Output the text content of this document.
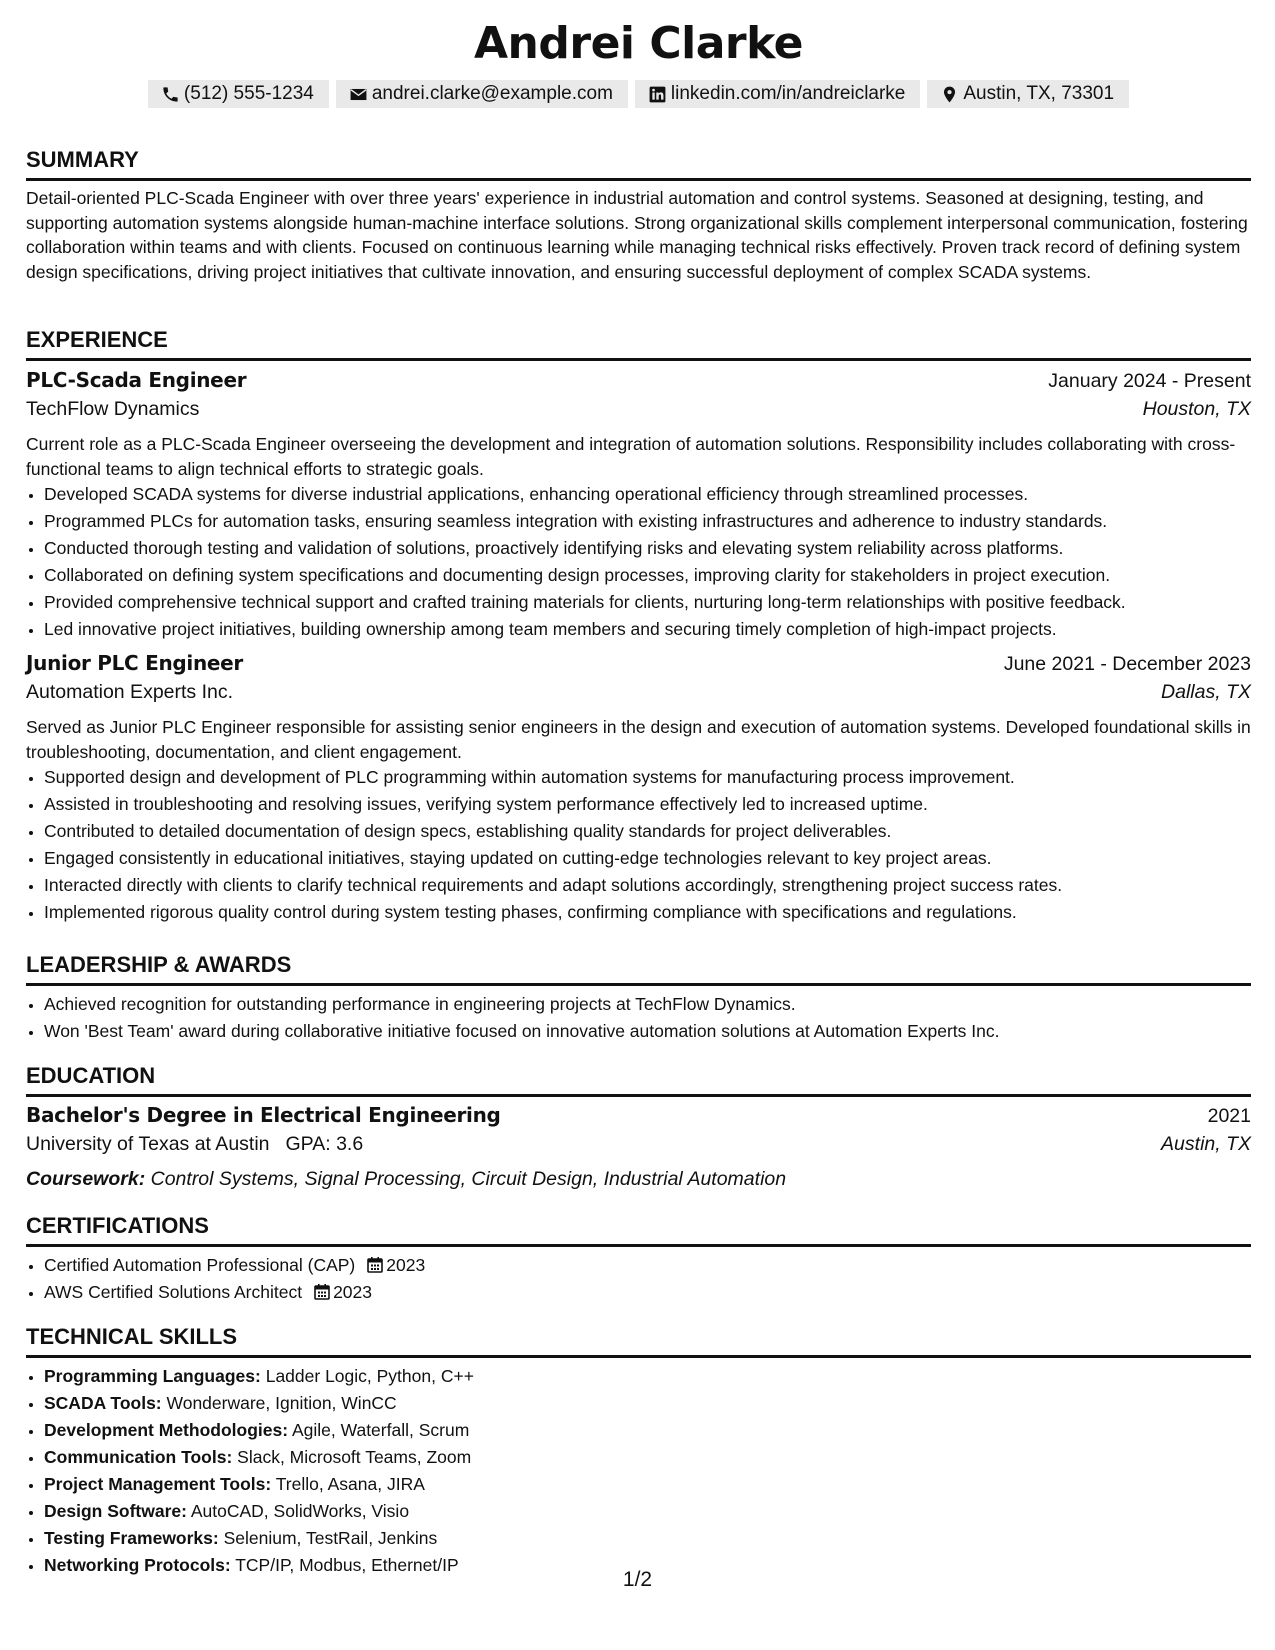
Andrei Clarke
(512) 555-1234	andrei.clarke@example.com	linkedin.com/in/andreiclarke	Austin, TX, 73301
SUMMARY
Detail-oriented PLC-Scada Engineer with over three years' experience in industrial automation and control systems. Seasoned at designing, testing, and supporting automation systems alongside human-machine interface solutions. Strong organizational skills complement interpersonal communication, fostering collaboration within teams and with clients. Focused on continuous learning while managing technical risks effectively. Proven track record of defining system design specifications, driving project initiatives that cultivate innovation, and ensuring successful deployment of complex SCADA systems.
EXPERIENCE
PLC-Scada Engineer	January 2024 - Present
TechFlow Dynamics	Houston, TX
Current role as a PLC-Scada Engineer overseeing the development and integration of automation solutions. Responsibility includes collaborating with cross-functional teams to align technical efforts to strategic goals.
• Developed SCADA systems for diverse industrial applications, enhancing operational efficiency through streamlined processes.
• Programmed PLCs for automation tasks, ensuring seamless integration with existing infrastructures and adherence to industry standards.
• Conducted thorough testing and validation of solutions, proactively identifying risks and elevating system reliability across platforms.
• Collaborated on defining system specifications and documenting design processes, improving clarity for stakeholders in project execution.
• Provided comprehensive technical support and crafted training materials for clients, nurturing long-term relationships with positive feedback.
• Led innovative project initiatives, building ownership among team members and securing timely completion of high-impact projects.
Junior PLC Engineer	June 2021 - December 2023
Automation Experts Inc.	Dallas, TX
Served as Junior PLC Engineer responsible for assisting senior engineers in the design and execution of automation systems. Developed foundational skills in troubleshooting, documentation, and client engagement.
• Supported design and development of PLC programming within automation systems for manufacturing process improvement.
• Assisted in troubleshooting and resolving issues, verifying system performance effectively led to increased uptime.
• Contributed to detailed documentation of design specs, establishing quality standards for project deliverables.
• Engaged consistently in educational initiatives, staying updated on cutting-edge technologies relevant to key project areas.
• Interacted directly with clients to clarify technical requirements and adapt solutions accordingly, strengthening project success rates.
• Implemented rigorous quality control during system testing phases, confirming compliance with specifications and regulations.
LEADERSHIP & AWARDS
• Achieved recognition for outstanding performance in engineering projects at TechFlow Dynamics.
• Won 'Best Team' award during collaborative initiative focused on innovative automation solutions at Automation Experts Inc.
EDUCATION
Bachelor's Degree in Electrical Engineering	2021
University of Texas at Austin GPA: 3.6	Austin, TX
Coursework: Control Systems, Signal Processing, Circuit Design, Industrial Automation
CERTIFICATIONS
• Certified Automation Professional (CAP) 2023
• AWS Certified Solutions Architect 2023
TECHNICAL SKILLS
• Programming Languages: Ladder Logic, Python, C++
• SCADA Tools: Wonderware, Ignition, WinCC
• Development Methodologies: Agile, Waterfall, Scrum
• Communication Tools: Slack, Microsoft Teams, Zoom
• Project Management Tools: Trello, Asana, JIRA
• Design Software: AutoCAD, SolidWorks, Visio
• Testing Frameworks: Selenium, TestRail, Jenkins
• Networking Protocols: TCP/IP, Modbus, Ethernet/IP
1/2
